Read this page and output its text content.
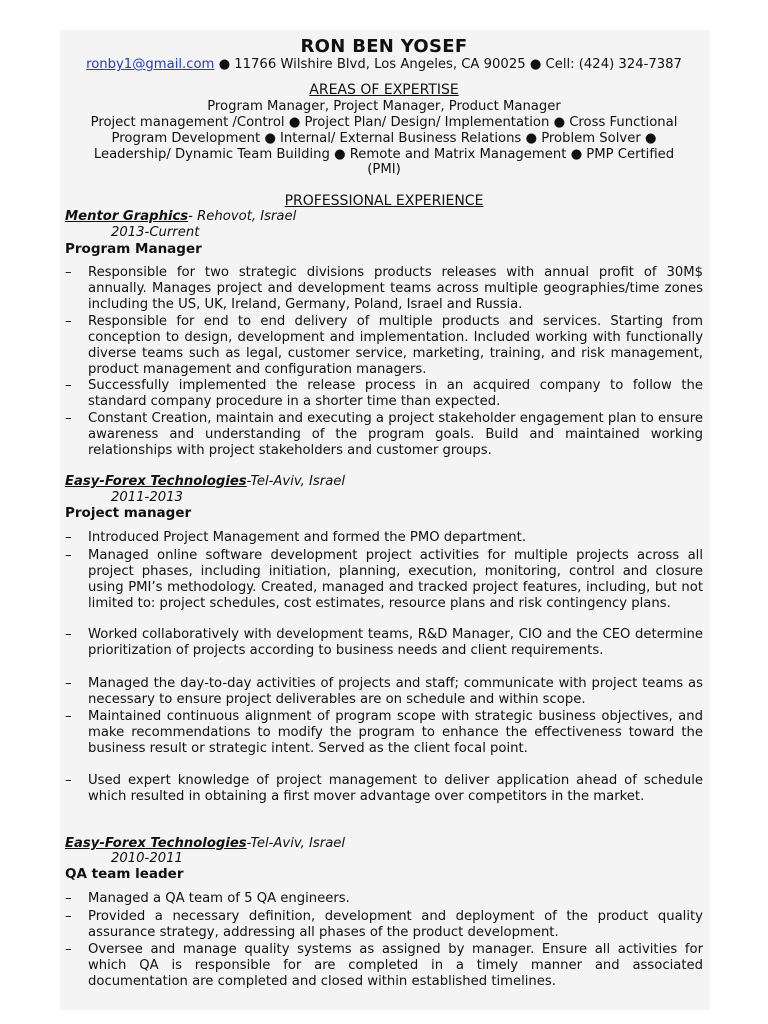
RON BEN YOSEF
ronby1@gmail.com ● 11766 Wilshire Blvd, Los Angeles, CA 90025 ● Cell: (424) 324-7387
AREAS OF EXPERTISE
Program Manager, Project Manager, Product Manager
Project management /Control ● Project Plan/ Design/ Implementation ● Cross Functional
Program Development ● Internal/ External Business Relations ● Problem Solver ●
Leadership/ Dynamic Team Building ● Remote and Matrix Management ● PMP Certified
(PMI)
PROFESSIONAL EXPERIENCE
Mentor Graphics- Rehovot, Israel
2013-Current
Program Manager
– Responsible for two strategic divisions products releases with annual profit of 30M$ annually. Manages project and development teams across multiple geographies/time zones including the US, UK, Ireland, Germany, Poland, Israel and Russia.
– Responsible for end to end delivery of multiple products and services. Starting from conception to design, development and implementation. Included working with functionally diverse teams such as legal, customer service, marketing, training, and risk management, product management and configuration managers.
– Successfully implemented the release process in an acquired company to follow the standard company procedure in a shorter time than expected.
– Constant Creation, maintain and executing a project stakeholder engagement plan to ensure awareness and understanding of the program goals. Build and maintained working relationships with project stakeholders and customer groups.
Easy-Forex Technologies-Tel-Aviv, Israel
2011-2013
Project manager
– Introduced Project Management and formed the PMO department.
– Managed online software development project activities for multiple projects across all project phases, including initiation, planning, execution, monitoring, control and closure using PMI’s methodology. Created, managed and tracked project features, including, but not limited to: project schedules, cost estimates, resource plans and risk contingency plans.
– Worked collaboratively with development teams, R&D Manager, CIO and the CEO determine prioritization of projects according to business needs and client requirements.
– Managed the day-to-day activities of projects and staff; communicate with project teams as necessary to ensure project deliverables are on schedule and within scope.
– Maintained continuous alignment of program scope with strategic business objectives, and make recommendations to modify the program to enhance the effectiveness toward the business result or strategic intent. Served as the client focal point.
– Used expert knowledge of project management to deliver application ahead of schedule which resulted in obtaining a first mover advantage over competitors in the market.
Easy-Forex Technologies-Tel-Aviv, Israel
2010-2011
QA team leader
– Managed a QA team of 5 QA engineers.
– Provided a necessary definition, development and deployment of the product quality assurance strategy, addressing all phases of the product development.
– Oversee and manage quality systems as assigned by manager. Ensure all activities for which QA is responsible for are completed in a timely manner and associated documentation are completed and closed within established timelines.
